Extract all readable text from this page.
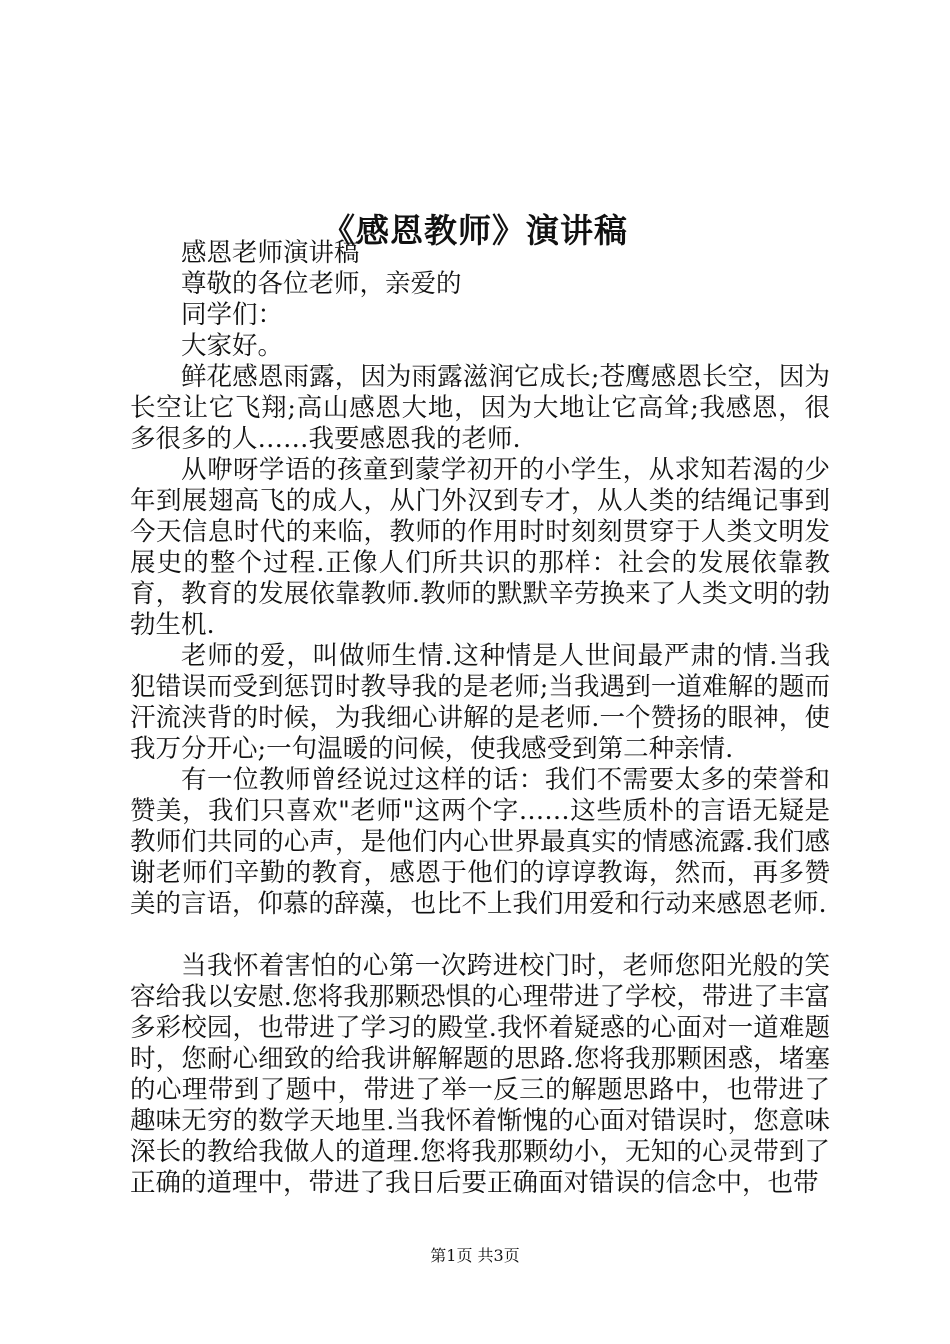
《感恩教师》演讲稿

感恩老师演讲稿

尊敬的各位老师，亲爱的

同学们：

大家好。

鲜花感恩雨露，因为雨露滋润它成长;苍鹰感恩长空，因为长空让它飞翔;高山感恩大地，因为大地让它高耸;我感恩，很多很多的人……我要感恩我的老师.

从咿呀学语的孩童到蒙学初开的小学生，从求知若渴的少年到展翅高飞的成人，从门外汉到专才，从人类的结绳记事到今天信息时代的来临，教师的作用时时刻刻贯穿于人类文明发展史的整个过程.正像人们所共识的那样：社会的发展依靠教育，教育的发展依靠教师.教师的默默辛劳换来了人类文明的勃勃生机.

老师的爱，叫做师生情.这种情是人世间最严肃的情.当我犯错误而受到惩罚时教导我的是老师;当我遇到一道难解的题而汗流浃背的时候，为我细心讲解的是老师.一个赞扬的眼神，使我万分开心;一句温暖的问候，使我感受到第二种亲情.

有一位教师曾经说过这样的话：我们不需要太多的荣誉和赞美，我们只喜欢"老师"这两个字……这些质朴的言语无疑是教师们共同的心声，是他们内心世界最真实的情感流露.我们感谢老师们辛勤的教育，感恩于他们的谆谆教诲，然而，再多赞美的言语，仰慕的辞藻，也比不上我们用爱和行动来感恩老师.

当我怀着害怕的心第一次跨进校门时，老师您阳光般的笑容给我以安慰.您将我那颗恐惧的心理带进了学校，带进了丰富多彩校园，也带进了学习的殿堂.我怀着疑惑的心面对一道难题时，您耐心细致的给我讲解解题的思路.您将我那颗困惑，堵塞的心理带到了题中，带进了举一反三的解题思路中，也带进了趣味无穷的数学天地里.当我怀着惭愧的心面对错误时，您意味深长的教给我做人的道理.您将我那颗幼小，无知的心灵带到了正确的道理中，带进了我日后要正确面对错误的信念中，也带

第1页 共3页
